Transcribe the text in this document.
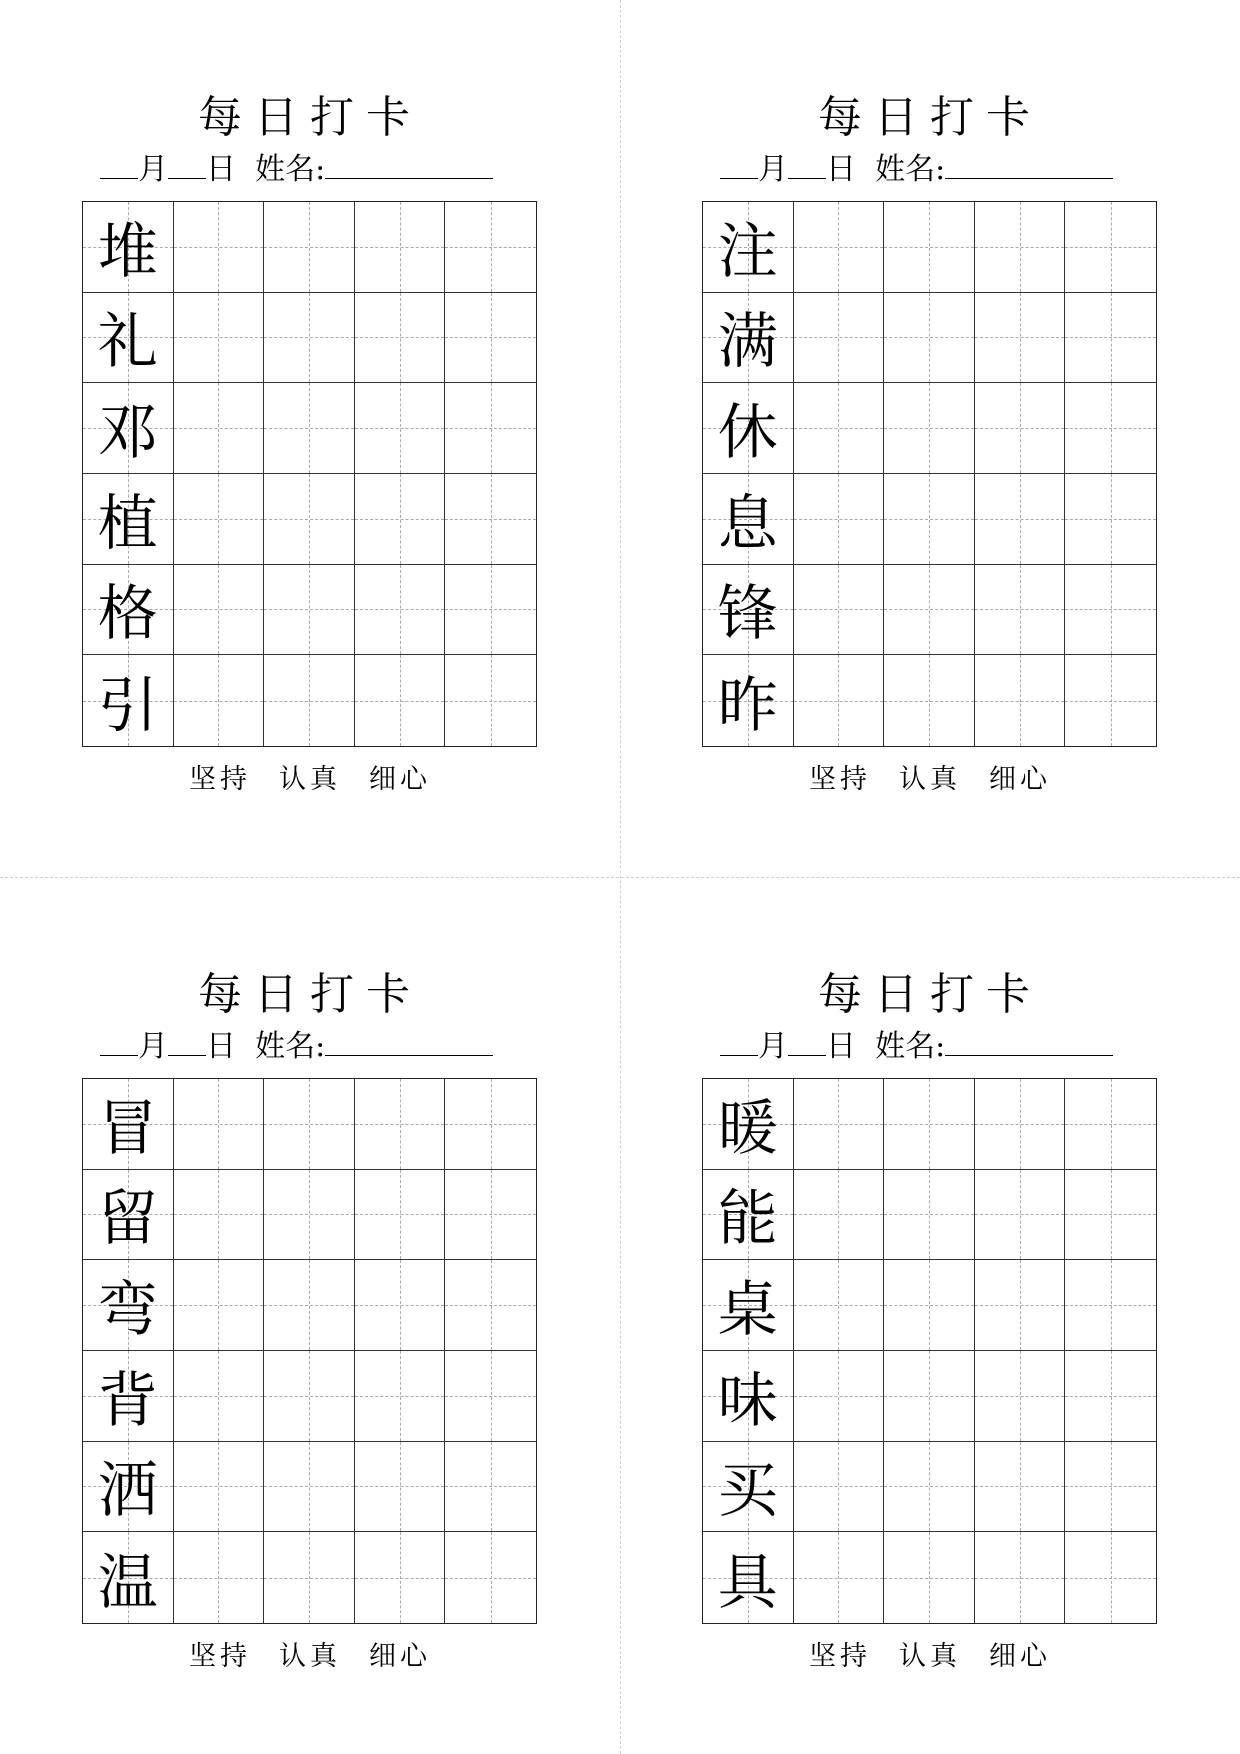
每日打卡
月 日 姓名:
堆
礼
邓
植
格
引
坚持 认真 细心
每日打卡
月 日 姓名:
注
满
休
息
锋
昨
坚持 认真 细心
每日打卡
月 日 姓名:
冒
留
弯
背
洒
温
坚持 认真 细心
每日打卡
月 日 姓名:
暖
能
桌
味
买
具
坚持 认真 细心
